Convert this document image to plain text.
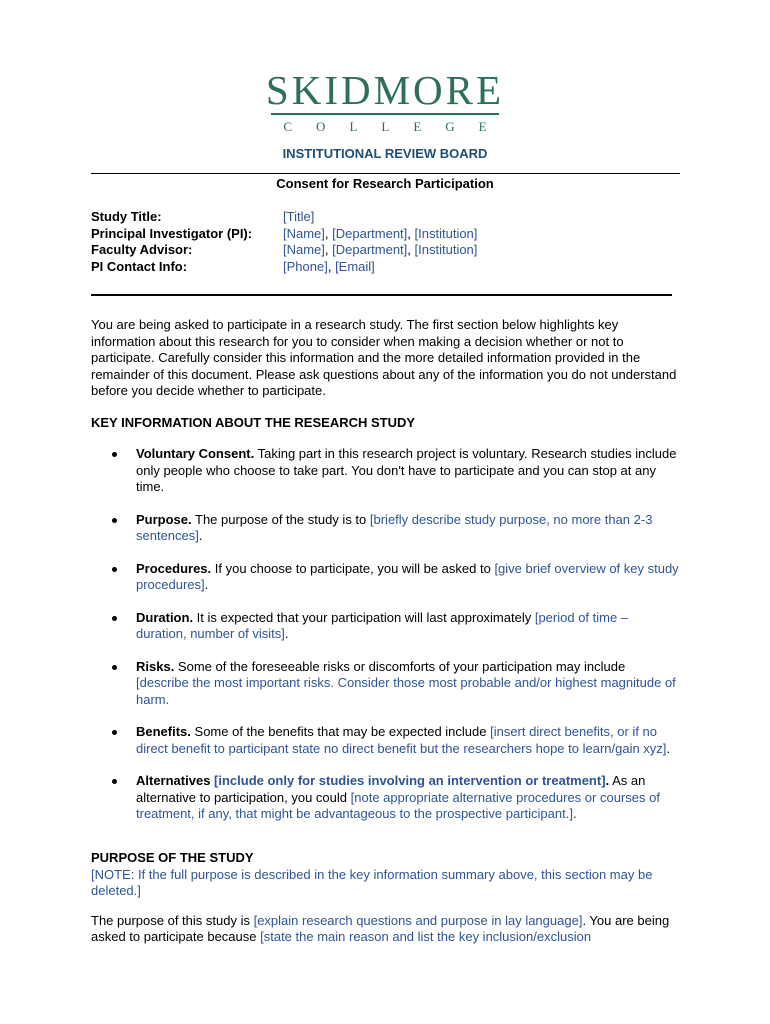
SKIDMORE
COLLEGE
INSTITUTIONAL REVIEW BOARD
Consent for Research Participation
Study Title:	[Title]
Principal Investigator (PI): [Name], [Department], [Institution]
Faculty Advisor:	[Name], [Department], [Institution]
PI Contact Info:	[Phone], [Email]

You are being asked to participate in a research study. The first section below highlights key information about this research for you to consider when making a decision whether or not to participate. Carefully consider this information and the more detailed information provided in the remainder of this document. Please ask questions about any of the information you do not understand before you decide whether to participate.

KEY INFORMATION ABOUT THE RESEARCH STUDY

Voluntary Consent. Taking part in this research project is voluntary. Research studies include only people who choose to take part. You don't have to participate and you can stop at any time.
Purpose. The purpose of the study is to [briefly describe study purpose, no more than 2-3 sentences].
Procedures. If you choose to participate, you will be asked to [give brief overview of key study procedures].
Duration. It is expected that your participation will last approximately [period of time – duration, number of visits].
Risks. Some of the foreseeable risks or discomforts of your participation may include [describe the most important risks. Consider those most probable and/or highest magnitude of harm.
Benefits. Some of the benefits that may be expected include [insert direct benefits, or if no direct benefit to participant state no direct benefit but the researchers hope to learn/gain xyz].
Alternatives [include only for studies involving an intervention or treatment]. As an alternative to participation, you could [note appropriate alternative procedures or courses of treatment, if any, that might be advantageous to the prospective participant.].

PURPOSE OF THE STUDY

[NOTE: If the full purpose is described in the key information summary above, this section may be deleted.]

The purpose of this study is [explain research questions and purpose in lay language]. You are being asked to participate because [state the main reason and list the key inclusion/exclusion
